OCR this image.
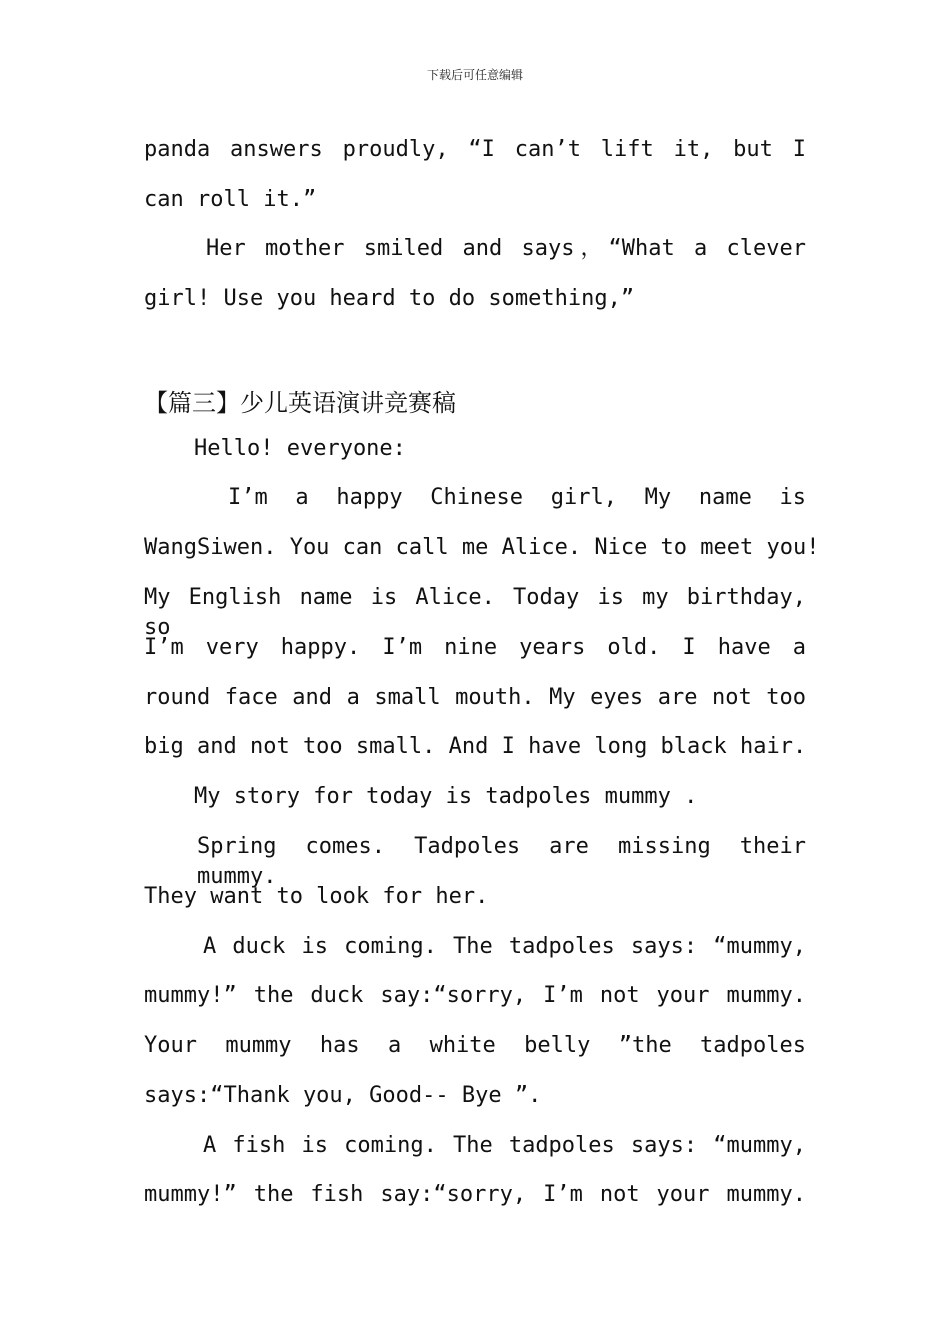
下载后可任意编辑
panda answers proudly, “I can’t lift it, but I
can roll it.”
Her mother smiled and says，“What a clever
girl! Use you heard to do something,”
【篇三】少儿英语演讲竞赛稿
Hello! everyone:
I’m a happy Chinese girl, My name is
WangSiwen. You can call me Alice. Nice to meet you!
My English name is Alice. Today is my birthday, so
I’m very happy. I’m nine years old. I have a
round face and a small mouth. My eyes are not too
big and not too small. And I have long black hair.
My story for today is tadpoles mummy .
Spring comes. Tadpoles are missing their mummy.
They want to look for her.
A duck is coming. The tadpoles says: “mummy,
mummy!” the duck say:“sorry, I’m not your mummy.
Your mummy has a white belly ”the tadpoles
says:“Thank you, Good-- Bye ”.
A fish is coming. The tadpoles says: “mummy,
mummy!” the fish say:“sorry, I’m not your mummy.
